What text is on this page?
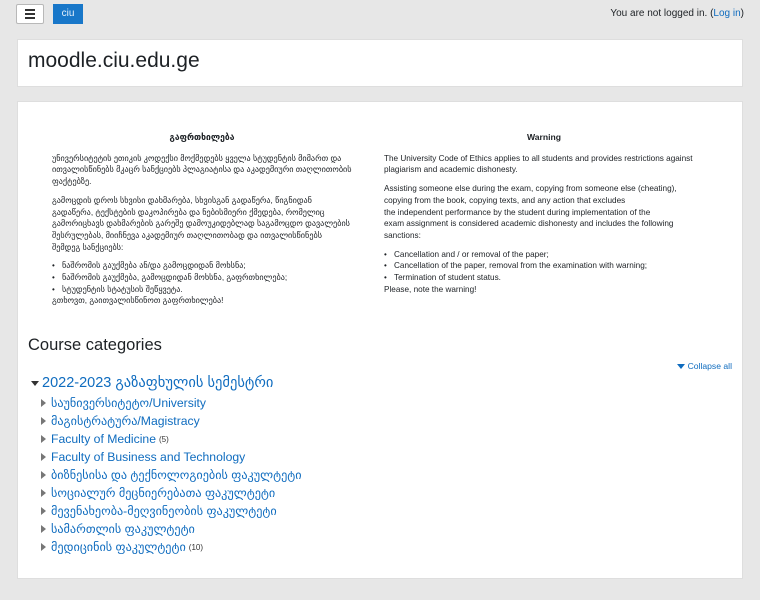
ciu	You are not logged in. (Log in)
moodle.ciu.edu.ge
გაფრთხილება

უნივერსიტეტის ეთიკის კოდექსი მოქმედებს ყველა სტუდენტის მიმართ და ითვალისწინებს მკაცრ სანქციებს პლაგიატისა და აკადემიური თაღლითობის ფაქტებზე.

გამოცდის დროს სხვისი დახმარება, სხვისგან გადაწერა, წიგნიდან გადაწერა, ტექსტების დაკოპირება და ნებისმიერი ქმედება, რომელიც გამორიცხავს დახმარების გარეშე დამოუკიდებლად საგამოცდო დავალების შესრულებას, მიიჩნევა აკადემიურ თაღლითობად და ითვალისწინებს შემდეგ სანქციებს:

• ნაშრომის გაუქმება ან/და გამოცდიდან მოხსნა;
• ნაშრომის გაუქმება, გამოცდიდან მოხსნა, გაფრთხილება;
• სტუდენტის სტატუსის შეწყვეტა.
გთხოვთ, გაითვალისწინოთ გაფრთხილება!
Warning

The University Code of Ethics applies to all students and provides restrictions against plagiarism and academic dishonesty.

Assisting someone else during the exam, copying from someone else (cheating),
copying from the book, copying texts, and any action that excludes
the independent performance by the student during implementation of the
exam assignment is considered academic dishonesty and includes the following
sanctions:

• Cancellation and / or removal of the paper;
• Cancellation of the paper, removal from the examination with warning;
• Termination of student status.
Please, note the warning!
Course categories
Collapse all
2022-2023 გაზაფხულის სემესტრი
საუნივერსიტეტო/University
მაგისტრატურა/Magistracy
Faculty of Medicine (5)
Faculty of Business and Technology
ბიზნესისა და ტექნოლოგიების ფაკულტეტი
სოციალურ მეცნიერებათა ფაკულტეტი
მევენახეობა-მეღვინეობის ფაკულტეტი
სამართლის ფაკულტეტი
მედიცინის ფაკულტეტი (10)
